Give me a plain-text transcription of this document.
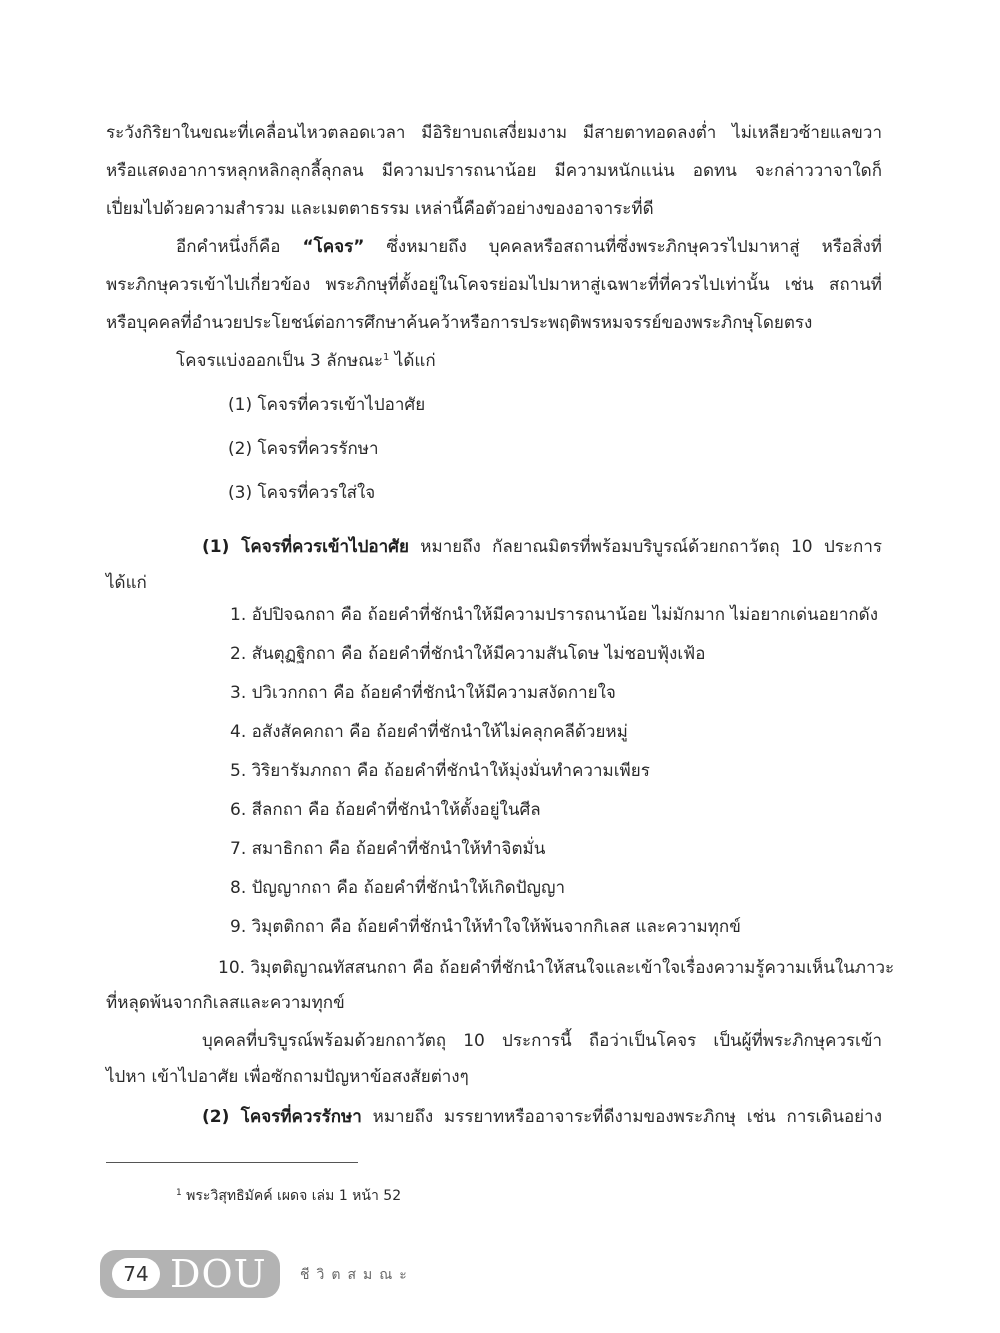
ระวังกิริยาในขณะที่เคลื่อนไหวตลอดเวลา มีอิริยาบถเสงี่ยมงาม มีสายตาทอดลงต่ำ ไม่เหลียวซ้ายแลขวา
หรือแสดงอาการหลุกหลิกลุกลี้ลุกลน มีความปรารถนาน้อย มีความหนักแน่น อดทน จะกล่าววาจาใดก็
เปี่ยมไปด้วยความสำรวม และเมตตาธรรม เหล่านี้คือตัวอย่างของอาจาระที่ดี
อีกคำหนึ่งก็คือ “โคจร” ซึ่งหมายถึง บุคคลหรือสถานที่ซึ่งพระภิกษุควรไปมาหาสู่ หรือสิ่งที่
พระภิกษุควรเข้าไปเกี่ยวข้อง พระภิกษุที่ตั้งอยู่ในโคจรย่อมไปมาหาสู่เฉพาะที่ที่ควรไปเท่านั้น เช่น สถานที่
หรือบุคคลที่อำนวยประโยชน์ต่อการศึกษาค้นคว้าหรือการประพฤติพรหมจรรย์ของพระภิกษุโดยตรง
โคจรแบ่งออกเป็น 3 ลักษณะ$^1$ ได้แก่
(1) โคจรที่ควรเข้าไปอาศัย
(2) โคจรที่ควรรักษา
(3) โคจรที่ควรใส่ใจ
(1) โคจรที่ควรเข้าไปอาศัย หมายถึง กัลยาณมิตรที่พร้อมบริบูรณ์ด้วยกถาวัตถุ 10 ประการ
ได้แก่
1. อัปปิจฉกถา คือ ถ้อยคำที่ชักนำให้มีความปรารถนาน้อย ไม่มักมาก ไม่อยากเด่นอยากดัง
2. สันตุฏฐิกถา คือ ถ้อยคำที่ชักนำให้มีความสันโดษ ไม่ชอบฟุ้งเฟ้อ
3. ปวิเวกกถา คือ ถ้อยคำที่ชักนำให้มีความสงัดกายใจ
4. อสังสัคคกถา คือ ถ้อยคำที่ชักนำให้ไม่คลุกคลีด้วยหมู่
5. วิริยารัมภกถา คือ ถ้อยคำที่ชักนำให้มุ่งมั่นทำความเพียร
6. สีลกถา คือ ถ้อยคำที่ชักนำให้ตั้งอยู่ในศีล
7. สมาธิกถา คือ ถ้อยคำที่ชักนำให้ทำจิตมั่น
8. ปัญญากถา คือ ถ้อยคำที่ชักนำให้เกิดปัญญา
9. วิมุตติกถา คือ ถ้อยคำที่ชักนำให้ทำใจให้พ้นจากกิเลส และความทุกข์
10. วิมุตติญาณทัสสนกถา คือ ถ้อยคำที่ชักนำให้สนใจและเข้าใจเรื่องความรู้ความเห็นในภาวะ
ที่หลุดพ้นจากกิเลสและความทุกข์
บุคคลที่บริบูรณ์พร้อมด้วยกถาวัตถุ 10 ประการนี้ ถือว่าเป็นโคจร เป็นผู้ที่พระภิกษุควรเข้า
ไปหา เข้าไปอาศัย เพื่อซักถามปัญหาข้อสงสัยต่างๆ
(2) โคจรที่ควรรักษา หมายถึง มรรยาทหรืออาจาระที่ดีงามของพระภิกษุ เช่น การเดินอย่าง
$^1$ พระวิสุทธิมัคค์ เผดจ เล่ม 1 หน้า 52
74 DOU ชีวิตสมณะ
